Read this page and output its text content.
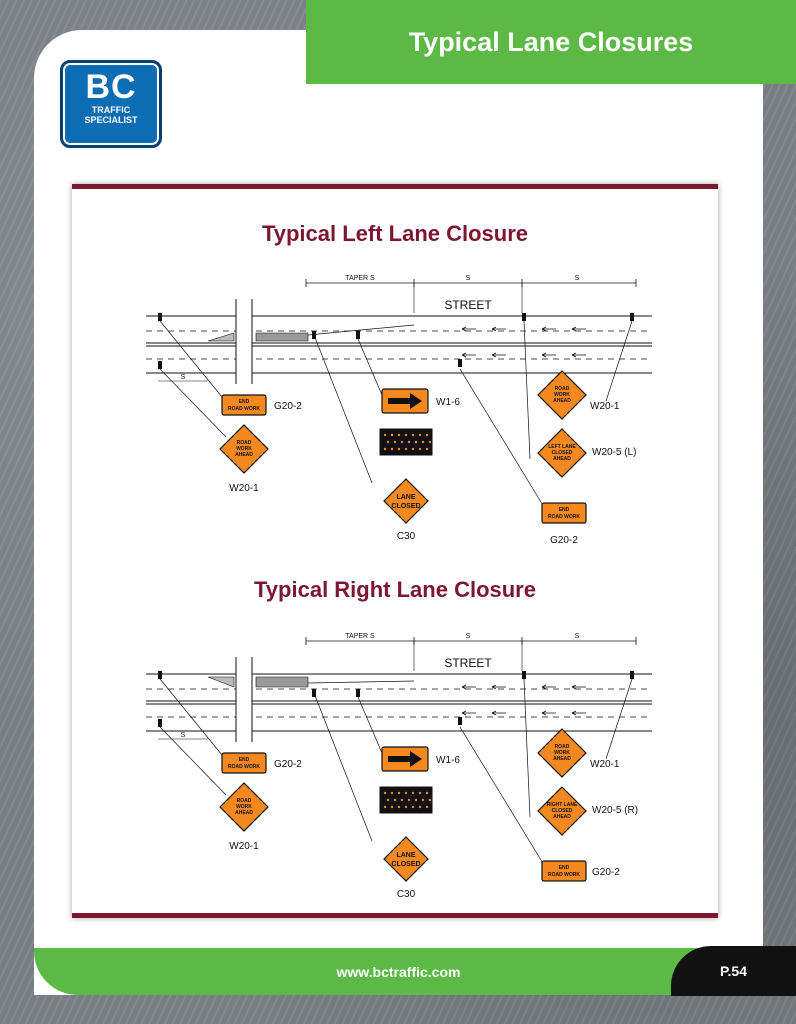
Typical Lane Closures
BC
TRAFFIC
SPECIALIST
Typical Left Lane Closure
TAPER S	S	S
STREET
S
END
ROAD WORK G20-2
ROAD
WORK
AHEAD
W20-1
W1-6
LANE
CLOSED
C30
ROAD
WORK
AHEAD W20-1
LEFT LANE
CLOSED
AHEAD
W20-5 (L)
END
ROAD WORK
G20-2
Typical Right Lane Closure
TAPER S	S	S
STREET
S
END
ROAD WORK G20-2
ROAD
WORK
AHEAD
W20-1
W1-6
LANE
CLOSED
C30
ROAD
WORK
AHEAD W20-1
RIGHT LANE
CLOSED
AHEAD
W20-5 (R)
END
ROAD WORK G20-2
www.bctraffic.com	P.54
